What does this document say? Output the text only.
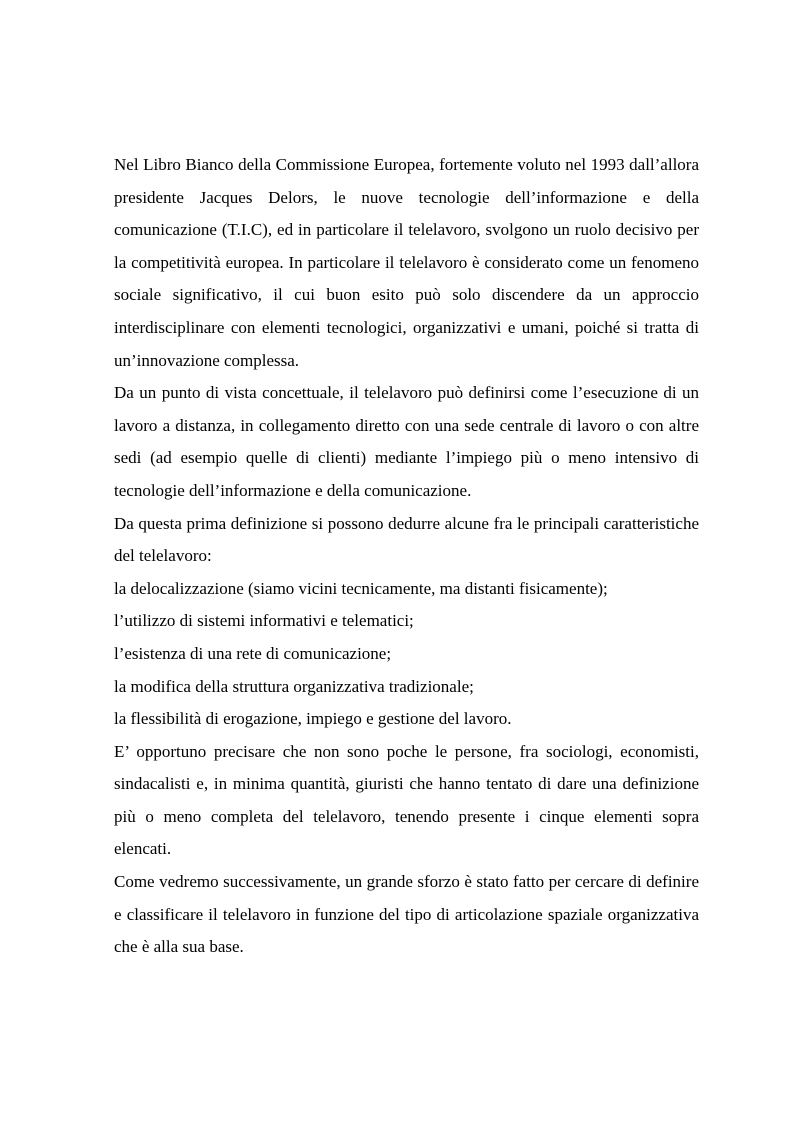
Nel Libro Bianco della Commissione Europea, fortemente voluto nel 1993 dall’allora presidente Jacques Delors, le nuove tecnologie dell’informazione e della comunicazione (T.I.C), ed in particolare il telelavoro, svolgono un ruolo decisivo per la competitività europea. In particolare il telelavoro è considerato come un fenomeno sociale significativo, il cui buon esito può solo discendere da un approccio interdisciplinare con elementi tecnologici, organizzativi e umani, poiché si tratta di un’innovazione complessa.

Da un punto di vista concettuale, il telelavoro può definirsi come l’esecuzione di un lavoro a distanza, in collegamento diretto con una sede centrale di lavoro o con altre sedi (ad esempio quelle di clienti) mediante l’impiego più o meno intensivo di tecnologie dell’informazione e della comunicazione.

Da questa prima definizione si possono dedurre alcune fra le principali caratteristiche del telelavoro:

la delocalizzazione (siamo vicini tecnicamente, ma distanti fisicamente);

l’utilizzo di sistemi informativi e telematici;

l’esistenza di una rete di comunicazione;

la modifica della struttura organizzativa tradizionale;

la flessibilità di erogazione, impiego e gestione del lavoro.

E’ opportuno precisare che non sono poche le persone, fra sociologi, economisti, sindacalisti e, in minima quantità, giuristi che hanno tentato di dare una definizione più o meno completa del telelavoro, tenendo presente i cinque elementi sopra elencati.

Come vedremo successivamente, un grande sforzo è stato fatto per cercare di definire e classificare il telelavoro in funzione del tipo di articolazione spaziale organizzativa che è alla sua base.
